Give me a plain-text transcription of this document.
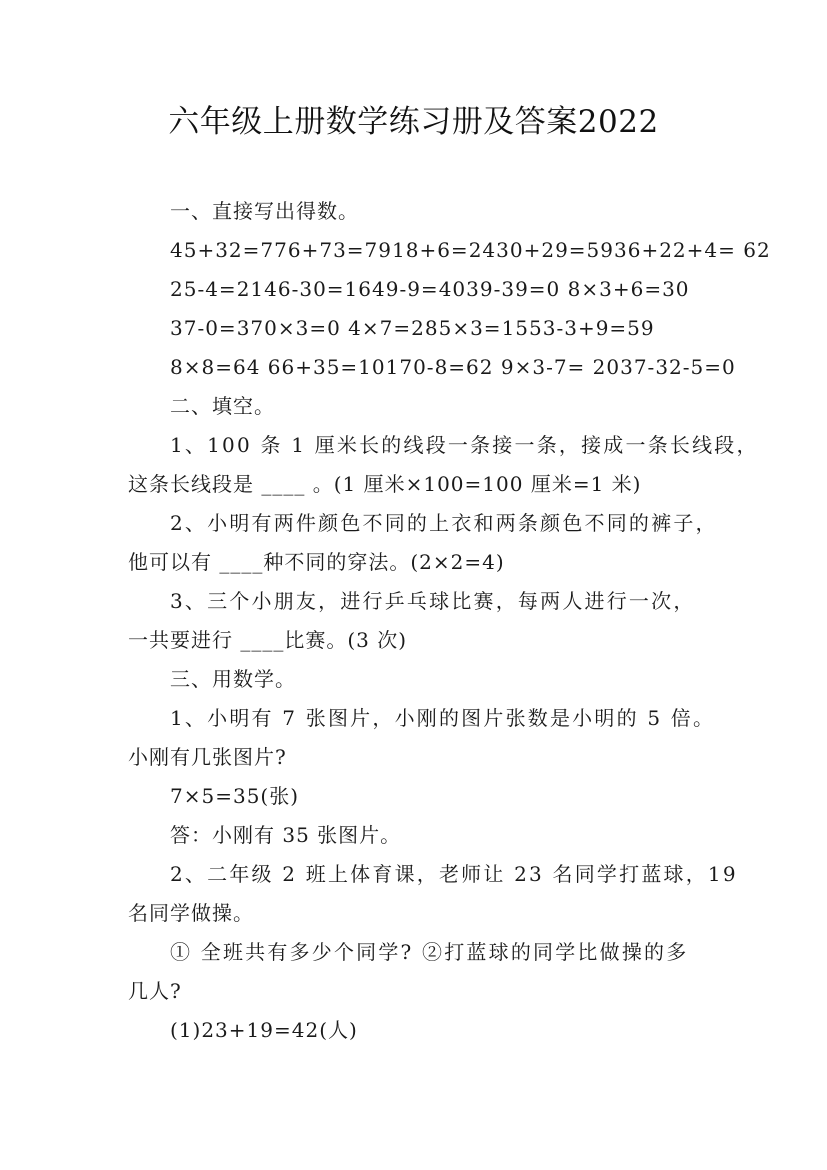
六年级上册数学练习册及答案2022
一、直接写出得数。
45+32=776+73=7918+6=2430+29=5936+22+4= 62
25-4=2146-30=1649-9=4039-39=0 8×3+6=30
37-0=370×3=0 4×7=285×3=1553-3+9=59
8×8=64 66+35=10170-8=62 9×3-7= 2037-32-5=0
二、填空。
1、100 条 1 厘米长的线段一条接一条，接成一条长线段，
这条长线段是 ____ 。(1 厘米×100=100 厘米=1 米)
2、小明有两件颜色不同的上衣和两条颜色不同的裤子，
他可以有 ____种不同的穿法。(2×2=4)
3、三个小朋友，进行乒乓球比赛，每两人进行一次，
一共要进行 ____比赛。(3 次)
三、用数学。
1、小明有 7 张图片，小刚的图片张数是小明的 5 倍。
小刚有几张图片?
7×5=35(张)
答：小刚有 35 张图片。
2、二年级 2 班上体育课，老师让 23 名同学打蓝球，19
名同学做操。
① 全班共有多少个同学? ②打蓝球的同学比做操的多
几人?
(1)23+19=42(人)
